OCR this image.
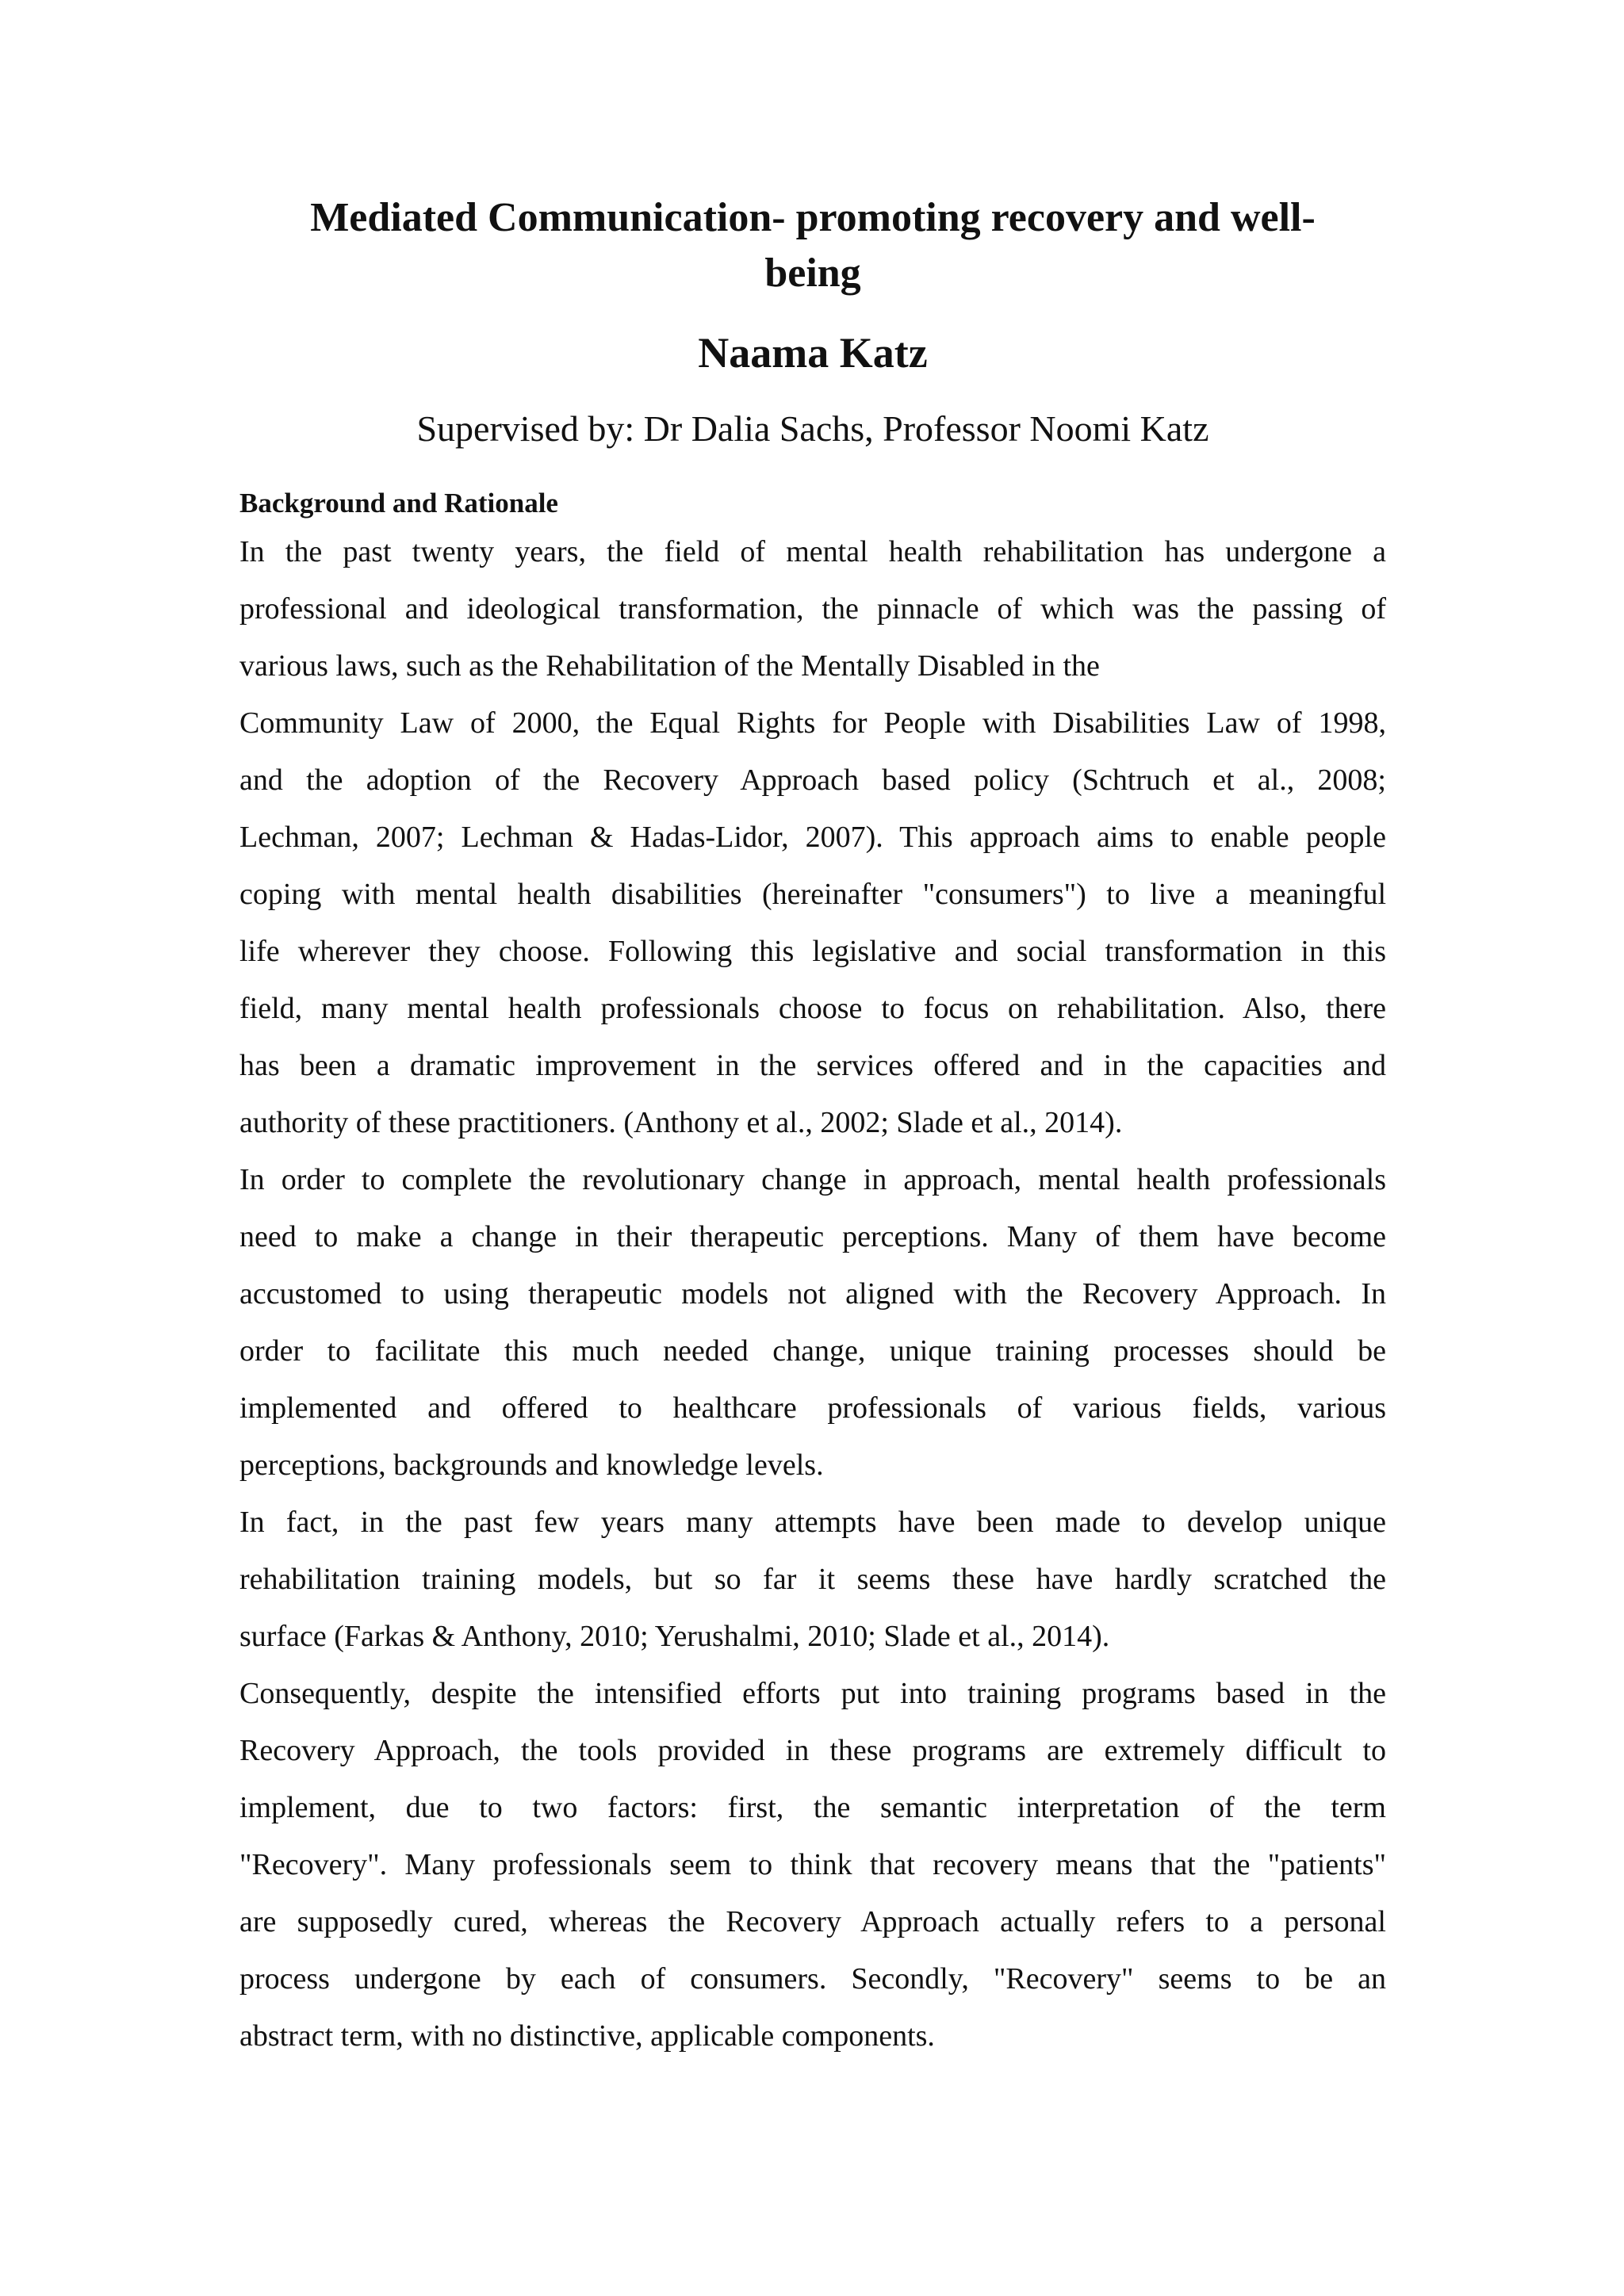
Mediated Communication- promoting recovery and well-being
Naama Katz
Supervised by: Dr Dalia Sachs, Professor Noomi Katz
Background and Rationale

In the past twenty years, the field of mental health rehabilitation has undergone a
professional and ideological transformation, the pinnacle of which was the passing of
various laws, such as the Rehabilitation of the Mentally Disabled in the
Community Law of 2000, the Equal Rights for People with Disabilities Law of 1998,
and the adoption of the Recovery Approach based policy (Schtruch et al., 2008;
Lechman, 2007; Lechman & Hadas-Lidor, 2007). This approach aims to enable people
coping with mental health disabilities (hereinafter "consumers") to live a meaningful
life wherever they choose. Following this legislative and social transformation in this
field, many mental health professionals choose to focus on rehabilitation. Also, there
has been a dramatic improvement in the services offered and in the capacities and
authority of these practitioners. (Anthony et al., 2002; Slade et al., 2014).

In order to complete the revolutionary change in approach, mental health professionals
need to make a change in their therapeutic perceptions. Many of them have become
accustomed to using therapeutic models not aligned with the Recovery Approach. In
order to facilitate this much needed change, unique training processes should be
implemented and offered to healthcare professionals of various fields, various
perceptions, backgrounds and knowledge levels.

In fact, in the past few years many attempts have been made to develop unique
rehabilitation training models, but so far it seems these have hardly scratched the
surface (Farkas & Anthony, 2010; Yerushalmi, 2010; Slade et al., 2014).

Consequently, despite the intensified efforts put into training programs based in the
Recovery Approach, the tools provided in these programs are extremely difficult to
implement, due to two factors: first, the semantic interpretation of the term
"Recovery". Many professionals seem to think that recovery means that the "patients"
are supposedly cured, whereas the Recovery Approach actually refers to a personal
process undergone by each of consumers. Secondly, "Recovery" seems to be an
abstract term, with no distinctive, applicable components.
